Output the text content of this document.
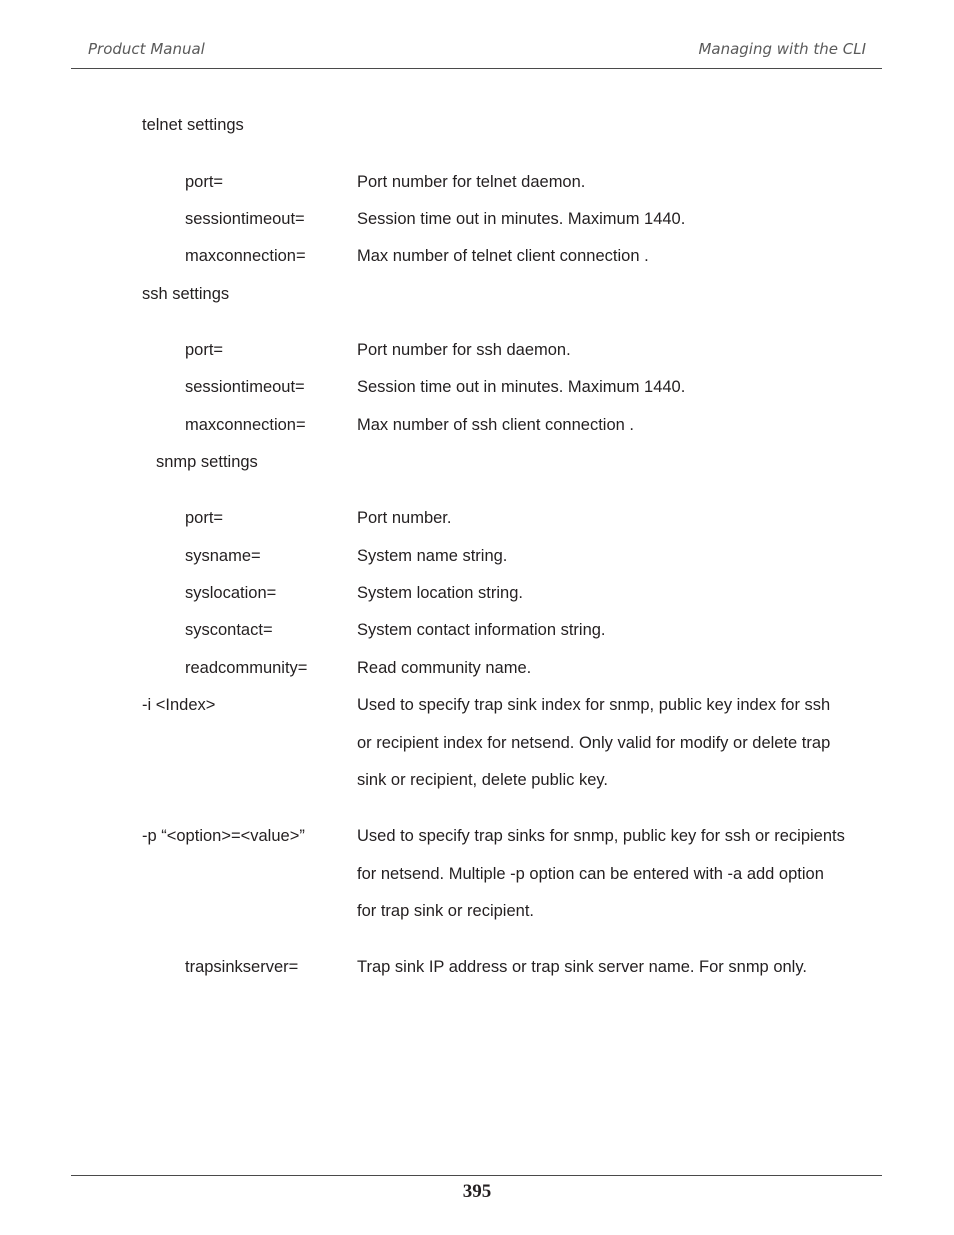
Product Manual	Managing with the CLI
telnet settings
port=	Port number for telnet daemon.
sessiontimeout=	Session time out in minutes. Maximum 1440.
maxconnection=	Max number of telnet client connection .
ssh settings
port=	Port number for ssh daemon.
sessiontimeout=	Session time out in minutes. Maximum 1440.
maxconnection=	Max number of ssh client connection .
snmp settings
port=	Port number.
sysname=	System name string.
syslocation=	System location string.
syscontact=	System contact information string.
readcommunity=	Read community name.
-i <Index>	Used to specify trap sink index for snmp, public key index for ssh
or recipient index for netsend. Only valid for modify or delete trap
sink or recipient, delete public key.
-p “<option>=<value>”	Used to specify trap sinks for snmp, public key for ssh or recipients
for netsend. Multiple -p option can be entered with -a add option
for trap sink or recipient.
trapsinkserver=	Trap sink IP address or trap sink server name. For snmp only.
395
